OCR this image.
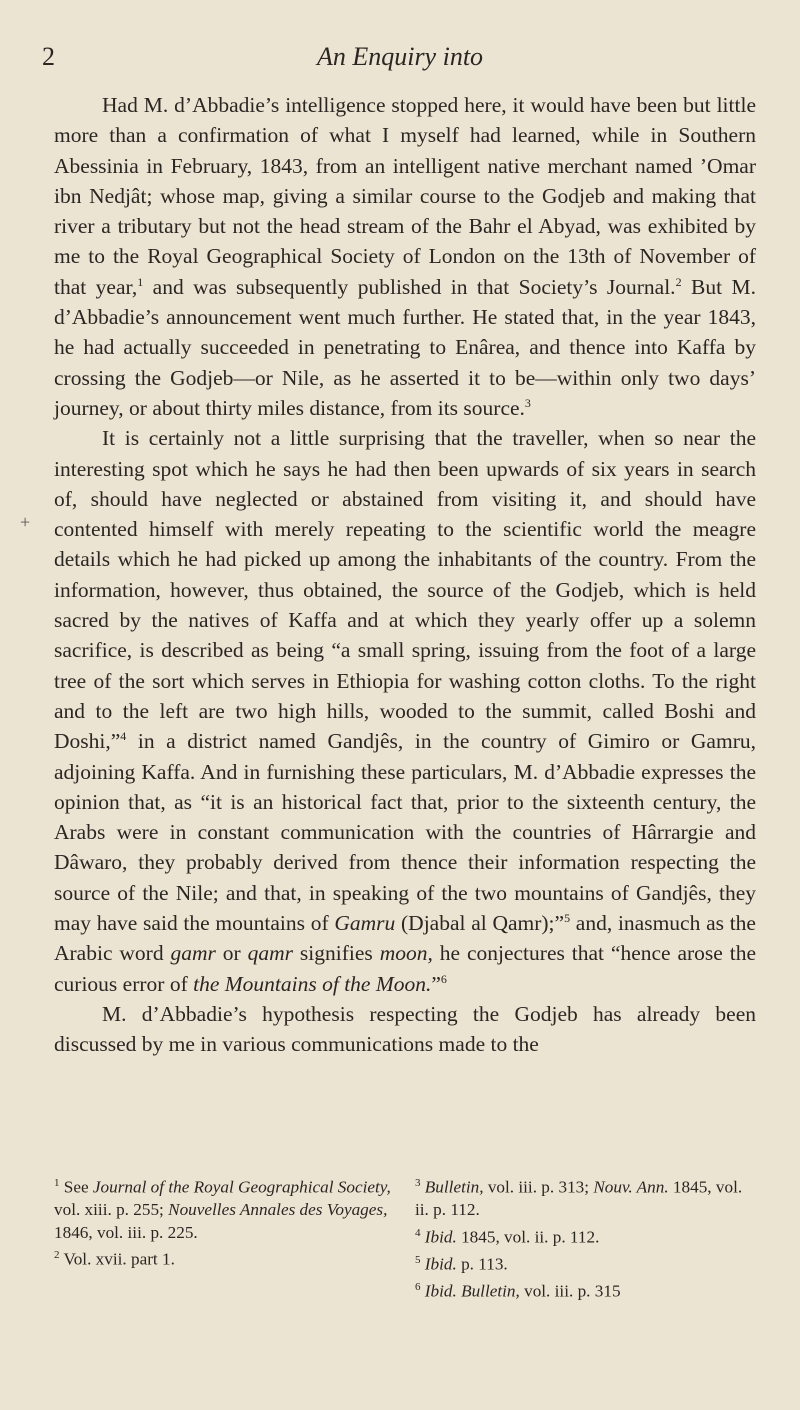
2	An Enquiry into
+

Had M. d’Abbadie’s intelligence stopped here, it would have been but little more than a confirmation of what I myself had learned, while in Southern Abessinia in February, 1843, from an intelligent native merchant named ’Omar ibn Nedjât; whose map, giving a similar course to the Godjeb and making that river a tributary but not the head stream of the Bahr el Abyad, was exhibited by me to the Royal Geographical Society of London on the 13th of November of that year,$^1$ and was subsequently published in that Society’s Journal.$^2$ But M. d’Abbadie’s announcement went much further. He stated that, in the year 1843, he had actually succeeded in penetrating to Enârea, and thence into Kaffa by crossing the Godjeb—or Nile, as he asserted it to be—within only two days’ journey, or about thirty miles distance, from its source.$^3$

It is certainly not a little surprising that the traveller, when so near the interesting spot which he says he had then been upwards of six years in search of, should have neglected or abstained from visiting it, and should have contented himself with merely repeating to the scientific world the meagre details which he had picked up among the inhabitants of the country. From the information, however, thus obtained, the source of the Godjeb, which is held sacred by the natives of Kaffa and at which they yearly offer up a solemn sacrifice, is described as being “a small spring, issuing from the foot of a large tree of the sort which serves in Ethiopia for washing cotton cloths. To the right and to the left are two high hills, wooded to the summit, called Boshi and Doshi,”$^4$ in a district named Gandjês, in the country of Gimiro or Gamru, adjoining Kaffa. And in furnishing these particulars, M. d’Abbadie expresses the opinion that, as “it is an historical fact that, prior to the sixteenth century, the Arabs were in constant communication with the countries of Hârrargie and Dâwaro, they probably derived from thence their information respecting the source of the Nile; and that, in speaking of the two mountains of Gandjês, they may have said the mountains of Gamru (Djabal al Qamr);”$^5$ and, inasmuch as the Arabic word gamr or qamr signifies moon, he conjectures that “hence arose the curious error of the Mountains of the Moon.”$^6$

M. d’Abbadie’s hypothesis respecting the Godjeb has already been discussed by me in various communications made to the

$^1$ See Journal of the Royal Geographical Society, vol. xiii. p. 255; Nouvelles Annales des Voyages, 1846, vol. iii. p. 225.

$^2$ Vol. xvii. part 1.

$^3$ Bulletin, vol. iii. p. 313; Nouv. Ann. 1845, vol. ii. p. 112.

$^4$ Ibid. 1845, vol. ii. p. 112.

$^5$ Ibid. p. 113.

$^6$ Ibid. Bulletin, vol. iii. p. 315
